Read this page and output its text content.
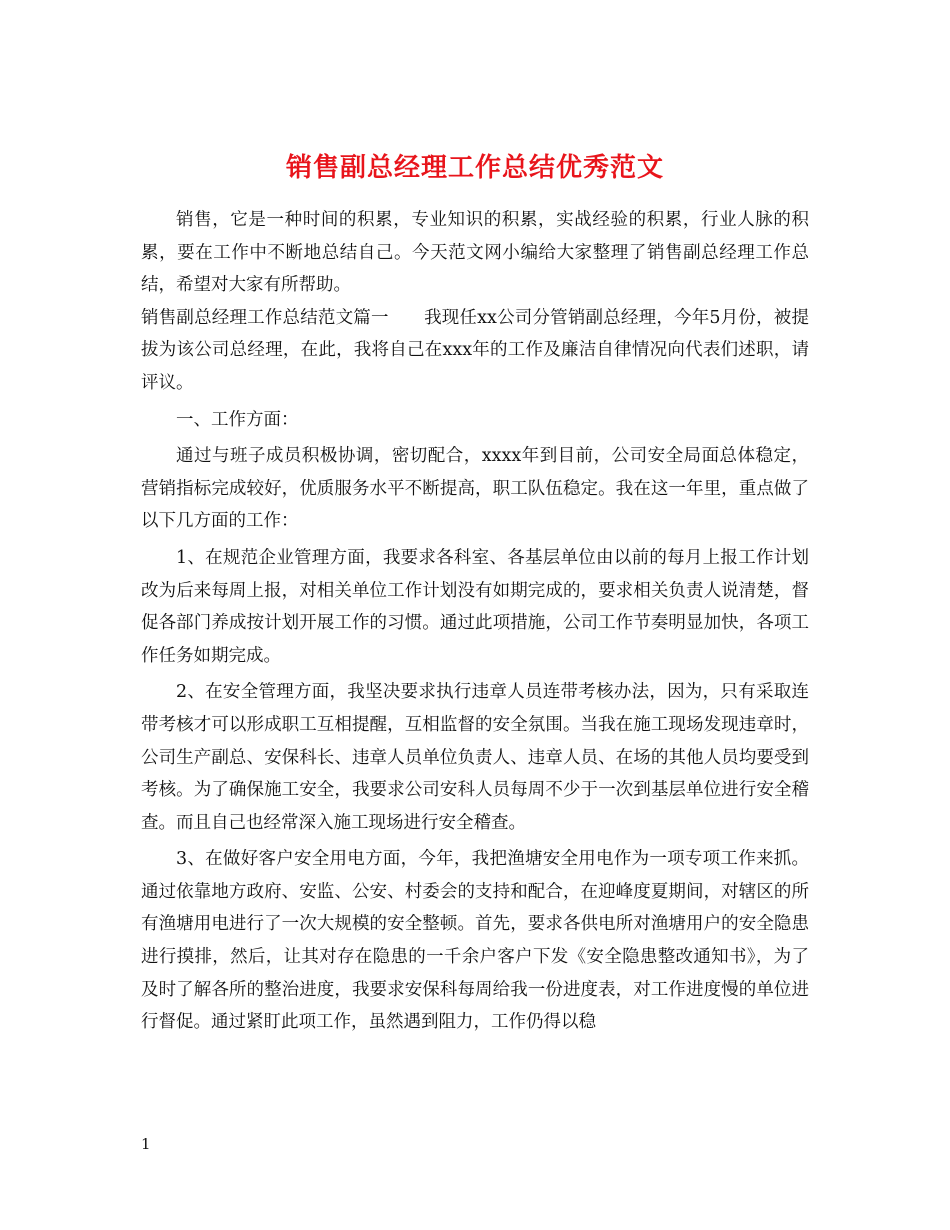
销售副总经理工作总结优秀范文

销售，它是一种时间的积累，专业知识的积累，实战经验的积累，行业人脉的积累，要在工作中不断地总结自己。今天范文网小编给大家整理了销售副总经理工作总结，希望对大家有所帮助。

销售副总经理工作总结范文篇一　　我现任xx公司分管销副总经理，今年5月份，被提拔为该公司总经理，在此，我将自己在xxx年的工作及廉洁自律情况向代表们述职，请评议。

一、工作方面：

通过与班子成员积极协调，密切配合，xxxx年到目前，公司安全局面总体稳定，营销指标完成较好，优质服务水平不断提高，职工队伍稳定。我在这一年里，重点做了以下几方面的工作：

1、在规范企业管理方面，我要求各科室、各基层单位由以前的每月上报工作计划改为后来每周上报，对相关单位工作计划没有如期完成的，要求相关负责人说清楚，督促各部门养成按计划开展工作的习惯。通过此项措施，公司工作节奏明显加快，各项工作任务如期完成。

2、在安全管理方面，我坚决要求执行违章人员连带考核办法，因为，只有采取连带考核才可以形成职工互相提醒，互相监督的安全氛围。当我在施工现场发现违章时，公司生产副总、安保科长、违章人员单位负责人、违章人员、在场的其他人员均要受到考核。为了确保施工安全，我要求公司安科人员每周不少于一次到基层单位进行安全稽查。而且自己也经常深入施工现场进行安全稽查。

3、在做好客户安全用电方面，今年，我把渔塘安全用电作为一项专项工作来抓。通过依靠地方政府、安监、公安、村委会的支持和配合，在迎峰度夏期间，对辖区的所有渔塘用电进行了一次大规模的安全整顿。首先，要求各供电所对渔塘用户的安全隐患进行摸排，然后，让其对存在隐患的一千余户客户下发《安全隐患整改通知书》，为了及时了解各所的整治进度，我要求安保科每周给我一份进度表，对工作进度慢的单位进行督促。通过紧盯此项工作，虽然遇到阻力，工作仍得以稳

1
